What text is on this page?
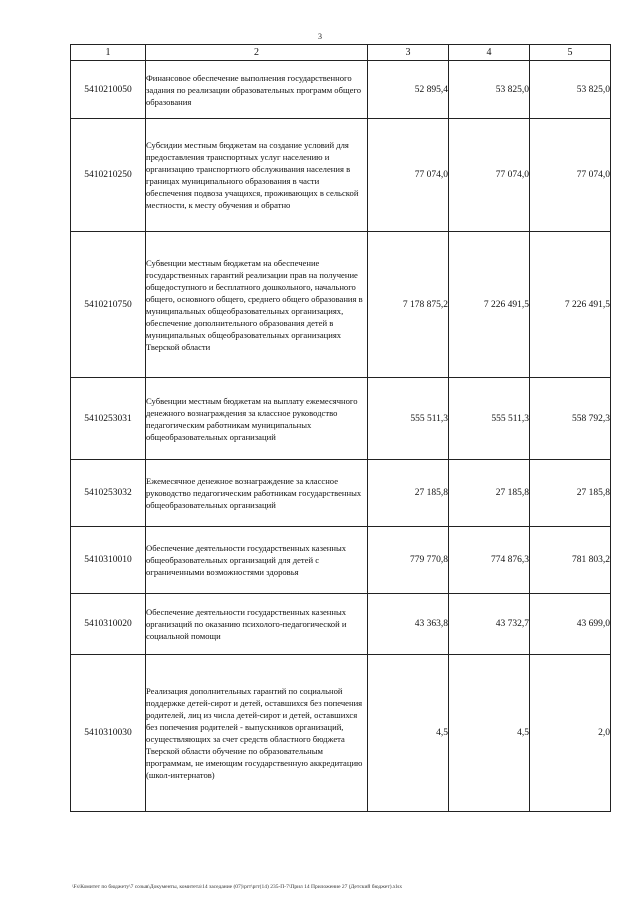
3
1	2	3	4	5
5410210050	Финансовое обеспечение выполнения государственного задания по реализации образовательных программ общего образования	52 895,4	53 825,0	53 825,0
5410210250	Субсидии местным бюджетам на создание условий для предоставления транспортных услуг населению и организацию транспортного обслуживания населения в границах муниципального образования в части обеспечения подвоза учащихся, проживающих в сельской местности, к месту обучения и обратно	77 074,0	77 074,0	77 074,0
5410210750	Субвенции местным бюджетам на обеспечение государственных гарантий реализации прав на получение общедоступного и бесплатного дошкольного, начального общего, основного общего, среднего общего образования в муниципальных общеобразовательных организациях, обеспечение дополнительного образования детей в муниципальных общеобразовательных организациях Тверской области	7 178 875,2	7 226 491,5	7 226 491,5
5410253031	Субвенции местным бюджетам на выплату ежемесячного денежного вознаграждения за классное руководство педагогическим работникам муниципальных общеобразовательных организаций	555 511,3	555 511,3	558 792,3
5410253032	Ежемесячное денежное вознаграждение за классное руководство педагогическим работникам государственных общеобразовательных организаций	27 185,8	27 185,8	27 185,8
5410310010	Обеспечение деятельности государственных казенных общеобразовательных организаций для детей с ограниченными возможностями здоровья	779 770,8	774 876,3	781 803,2
5410310020	Обеспечение деятельности государственных казенных организаций по оказанию психолого-педагогической и социальной помощи	43 363,8	43 732,7	43 699,0
5410310030	Реализация дополнительных гарантий по социальной поддержке детей-сирот и детей, оставшихся без попечения родителей, лиц из числа детей-сирот и детей, оставшихся без попечения родителей - выпускников организаций, осуществляющих за счет средств областного бюджета Тверской области обучение по образовательным программам, не имеющим государственную аккредитацию (школ-интернатов)	4,5	4,5	2,0
\Fs\Комитет по бюджету\7 созыв\Документы, комитета\14 заседание (07)\prт\prт(14) 235-П-7\Прил 14 Приложение 27 (Детский бюджет).xlsx
